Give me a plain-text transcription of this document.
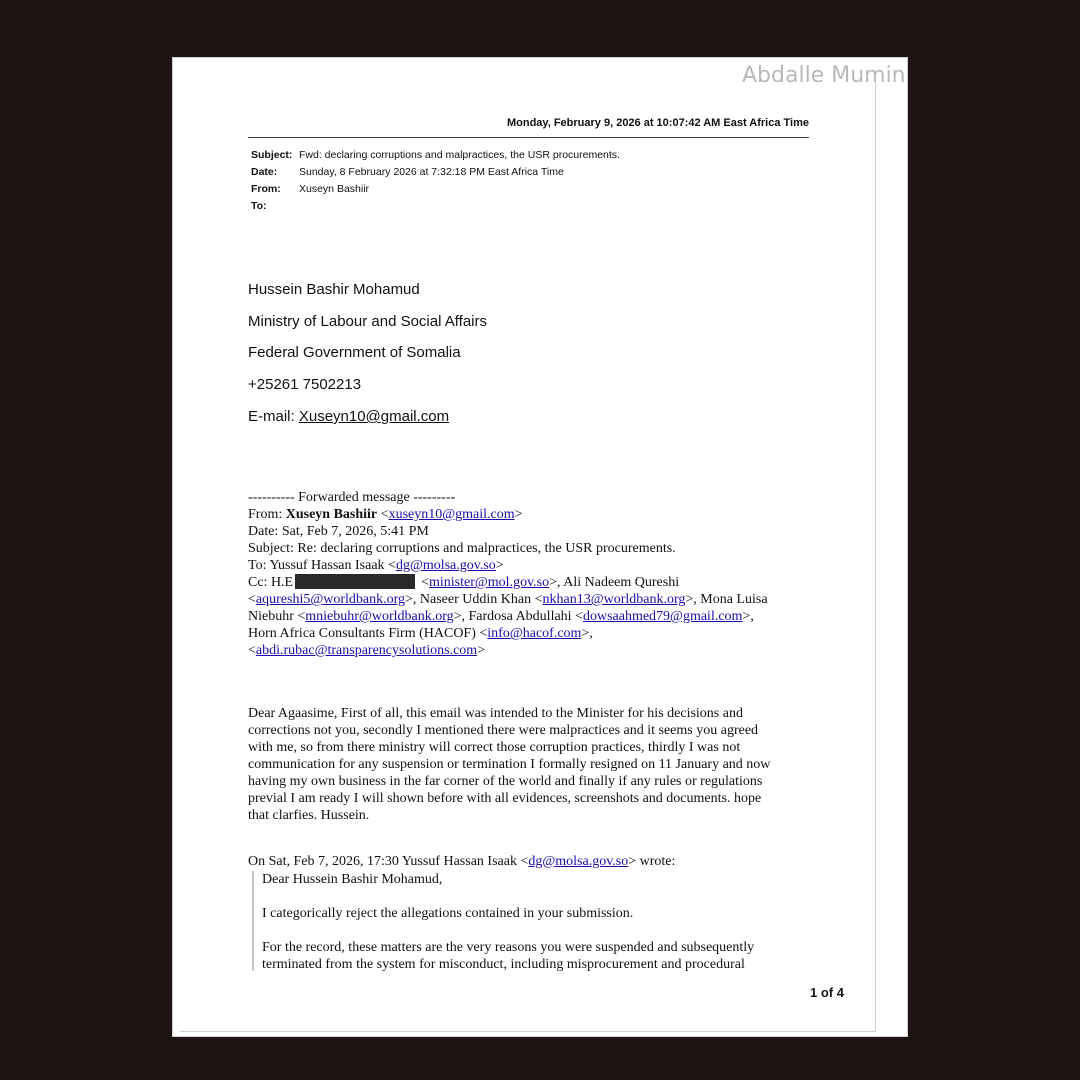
Abdalle Mumin
Monday, February 9, 2026 at 10:07:42 AM East Africa Time
Subject: Fwd: declaring corruptions and malpractices, the USR procurements.
Date: Sunday, 8 February 2026 at 7:32:18 PM East Africa Time
From: Xuseyn Bashiir
To:
Hussein Bashir Mohamud
Ministry of Labour and Social Affairs
Federal Government of Somalia
+25261 7502213
E-mail: Xuseyn10@gmail.com
---------- Forwarded message ---------
From: Xuseyn Bashiir <xuseyn10@gmail.com>
Date: Sat, Feb 7, 2026, 5:41 PM
Subject: Re: declaring corruptions and malpractices, the USR procurements.
To: Yussuf Hassan Isaak <dg@molsa.gov.so>
Cc: H.E	<minister@mol.gov.so>, Ali Nadeem Qureshi
<aqureshi5@worldbank.org>, Naseer Uddin Khan <nkhan13@worldbank.org>, Mona Luisa
Niebuhr <mniebuhr@worldbank.org>, Fardosa Abdullahi <dowsaahmed79@gmail.com>,
Horn Africa Consultants Firm (HACOF) <info@hacof.com>,
<abdi.rubac@transparencysolutions.com>
Dear Agaasime, First of all, this email was intended to the Minister for his decisions and
corrections not you, secondly I mentioned there were malpractices and it seems you agreed
with me, so from there ministry will correct those corruption practices, thirdly I was not
communication for any suspension or termination I formally resigned on 11 January and now
having my own business in the far corner of the world and finally if any rules or regulations
previal I am ready I will shown before with all evidences, screenshots and documents. hope
that clarfies. Hussein.
On Sat, Feb 7, 2026, 17:30 Yussuf Hassan Isaak <dg@molsa.gov.so> wrote:

Dear Hussein Bashir Mohamud,

I categorically reject the allegations contained in your submission.

For the record, these matters are the very reasons you were suspended and subsequently
terminated from the system for misconduct, including misprocurement and procedural
1 of 4
